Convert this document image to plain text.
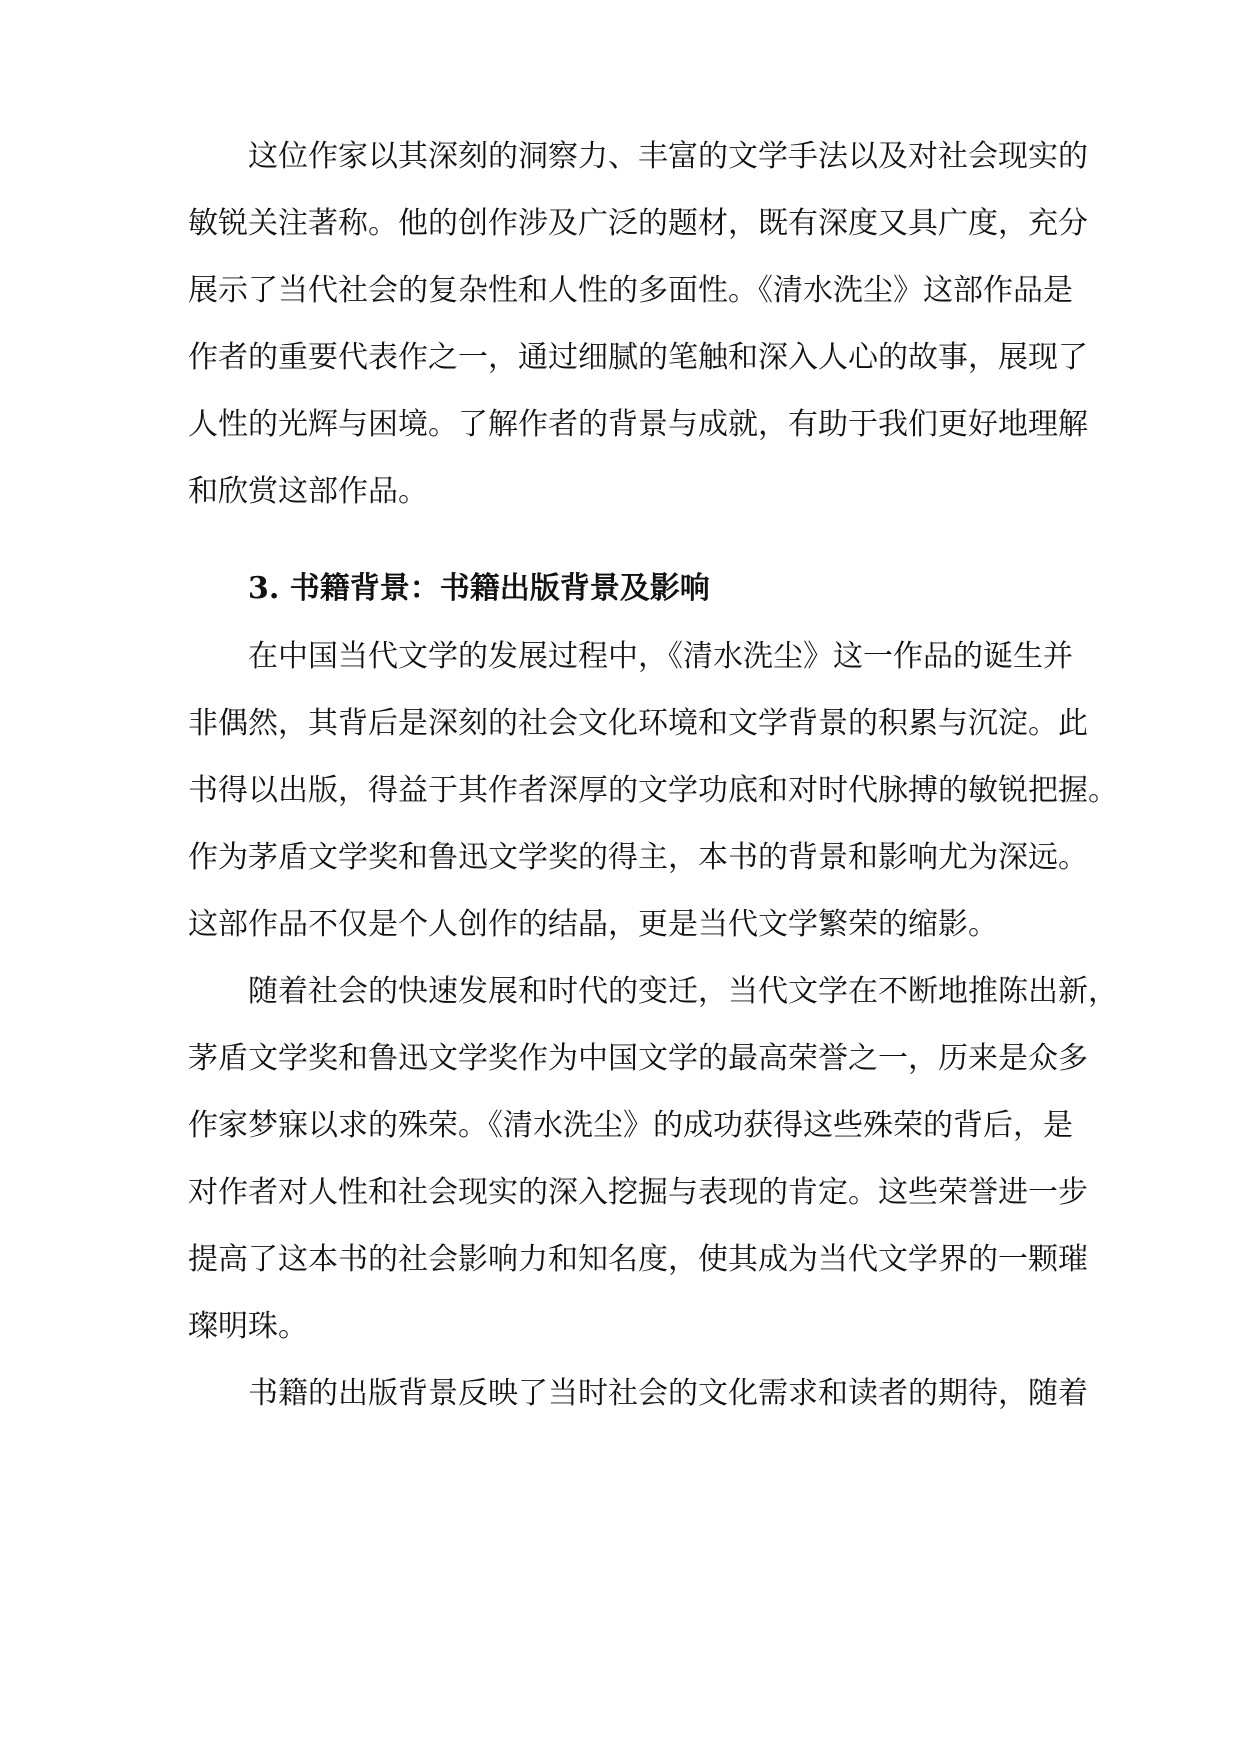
这位作家以其深刻的洞察力、丰富的文学手法以及对社会现实的
敏锐关注著称。他的创作涉及广泛的题材，既有深度又具广度，充分
展示了当代社会的复杂性和人性的多面性。《清水洗尘》这部作品是
作者的重要代表作之一，通过细腻的笔触和深入人心的故事，展现了
人性的光辉与困境。了解作者的背景与成就，有助于我们更好地理解
和欣赏这部作品。
3. 书籍背景：书籍出版背景及影响
在中国当代文学的发展过程中，《清水洗尘》这一作品的诞生并
非偶然，其背后是深刻的社会文化环境和文学背景的积累与沉淀。此
书得以出版，得益于其作者深厚的文学功底和对时代脉搏的敏锐把握。
作为茅盾文学奖和鲁迅文学奖的得主，本书的背景和影响尤为深远。
这部作品不仅是个人创作的结晶，更是当代文学繁荣的缩影。
随着社会的快速发展和时代的变迁，当代文学在不断地推陈出新，
茅盾文学奖和鲁迅文学奖作为中国文学的最高荣誉之一，历来是众多
作家梦寐以求的殊荣。《清水洗尘》的成功获得这些殊荣的背后，是
对作者对人性和社会现实的深入挖掘与表现的肯定。这些荣誉进一步
提高了这本书的社会影响力和知名度，使其成为当代文学界的一颗璀
璨明珠。
书籍的出版背景反映了当时社会的文化需求和读者的期待，随着
